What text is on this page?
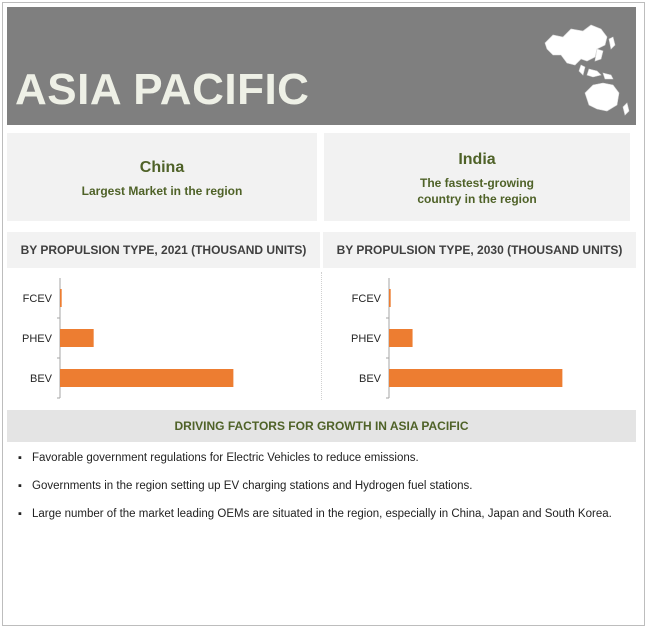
ASIA PACIFIC
China
Largest Market in the region
India
The fastest-growing
country in the region
BY PROPULSION TYPE, 2021 (THOUSAND UNITS)	BY PROPULSION TYPE, 2030 (THOUSAND UNITS)
FCEV
PHEV
BEV
FCEV
PHEV
BEV
DRIVING FACTORS FOR GROWTH IN ASIA PACIFIC
▪ Favorable government regulations for Electric Vehicles to reduce emissions.
▪ Governments in the region setting up EV charging stations and Hydrogen fuel stations.
▪ Large number of the market leading OEMs are situated in the region, especially in China, Japan and South Korea.
